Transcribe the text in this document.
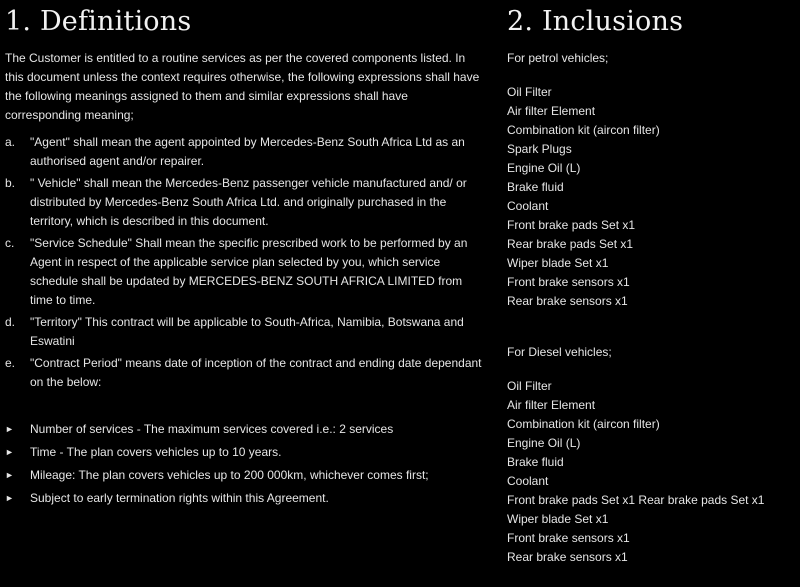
1. Definitions

The Customer is entitled to a routine services as per the covered components listed. In this document unless the context requires otherwise, the following expressions shall have the following meanings assigned to them and similar expressions shall have corresponding meaning;

a. "Agent" shall mean the agent appointed by Mercedes-Benz South Africa Ltd as an authorised agent and/or repairer.
b. " Vehicle" shall mean the Mercedes-Benz passenger vehicle manufactured and/ or distributed by Mercedes-Benz South Africa Ltd. and originally purchased in the territory, which is described in this document.
c. "Service Schedule" Shall mean the specific prescribed work to be performed by an Agent in respect of the applicable service plan selected by you, which service schedule shall be updated by MERCEDES-BENZ SOUTH AFRICA LIMITED from time to time.
d. "Territory" This contract will be applicable to South-Africa, Namibia, Botswana and Eswatini
e. "Contract Period" means date of inception of the contract and ending date dependant on the below:
► Number of services - The maximum services covered i.e.: 2 services
► Time - The plan covers vehicles up to 10 years.
► Mileage: The plan covers vehicles up to 200 000km, whichever comes first;
► Subject to early termination rights within this Agreement.
2. Inclusions
For petrol vehicles;
Oil Filter
Air filter Element
Combination kit (aircon filter)
Spark Plugs
Engine Oil (L)
Brake fluid
Coolant
Front brake pads Set x1
Rear brake pads Set x1
Wiper blade Set x1
Front brake sensors x1
Rear brake sensors x1
For Diesel vehicles;
Oil Filter
Air filter Element
Combination kit (aircon filter)
Engine Oil (L)
Brake fluid
Coolant
Front brake pads Set x1 Rear brake pads Set x1
Wiper blade Set x1
Front brake sensors x1
Rear brake sensors x1
